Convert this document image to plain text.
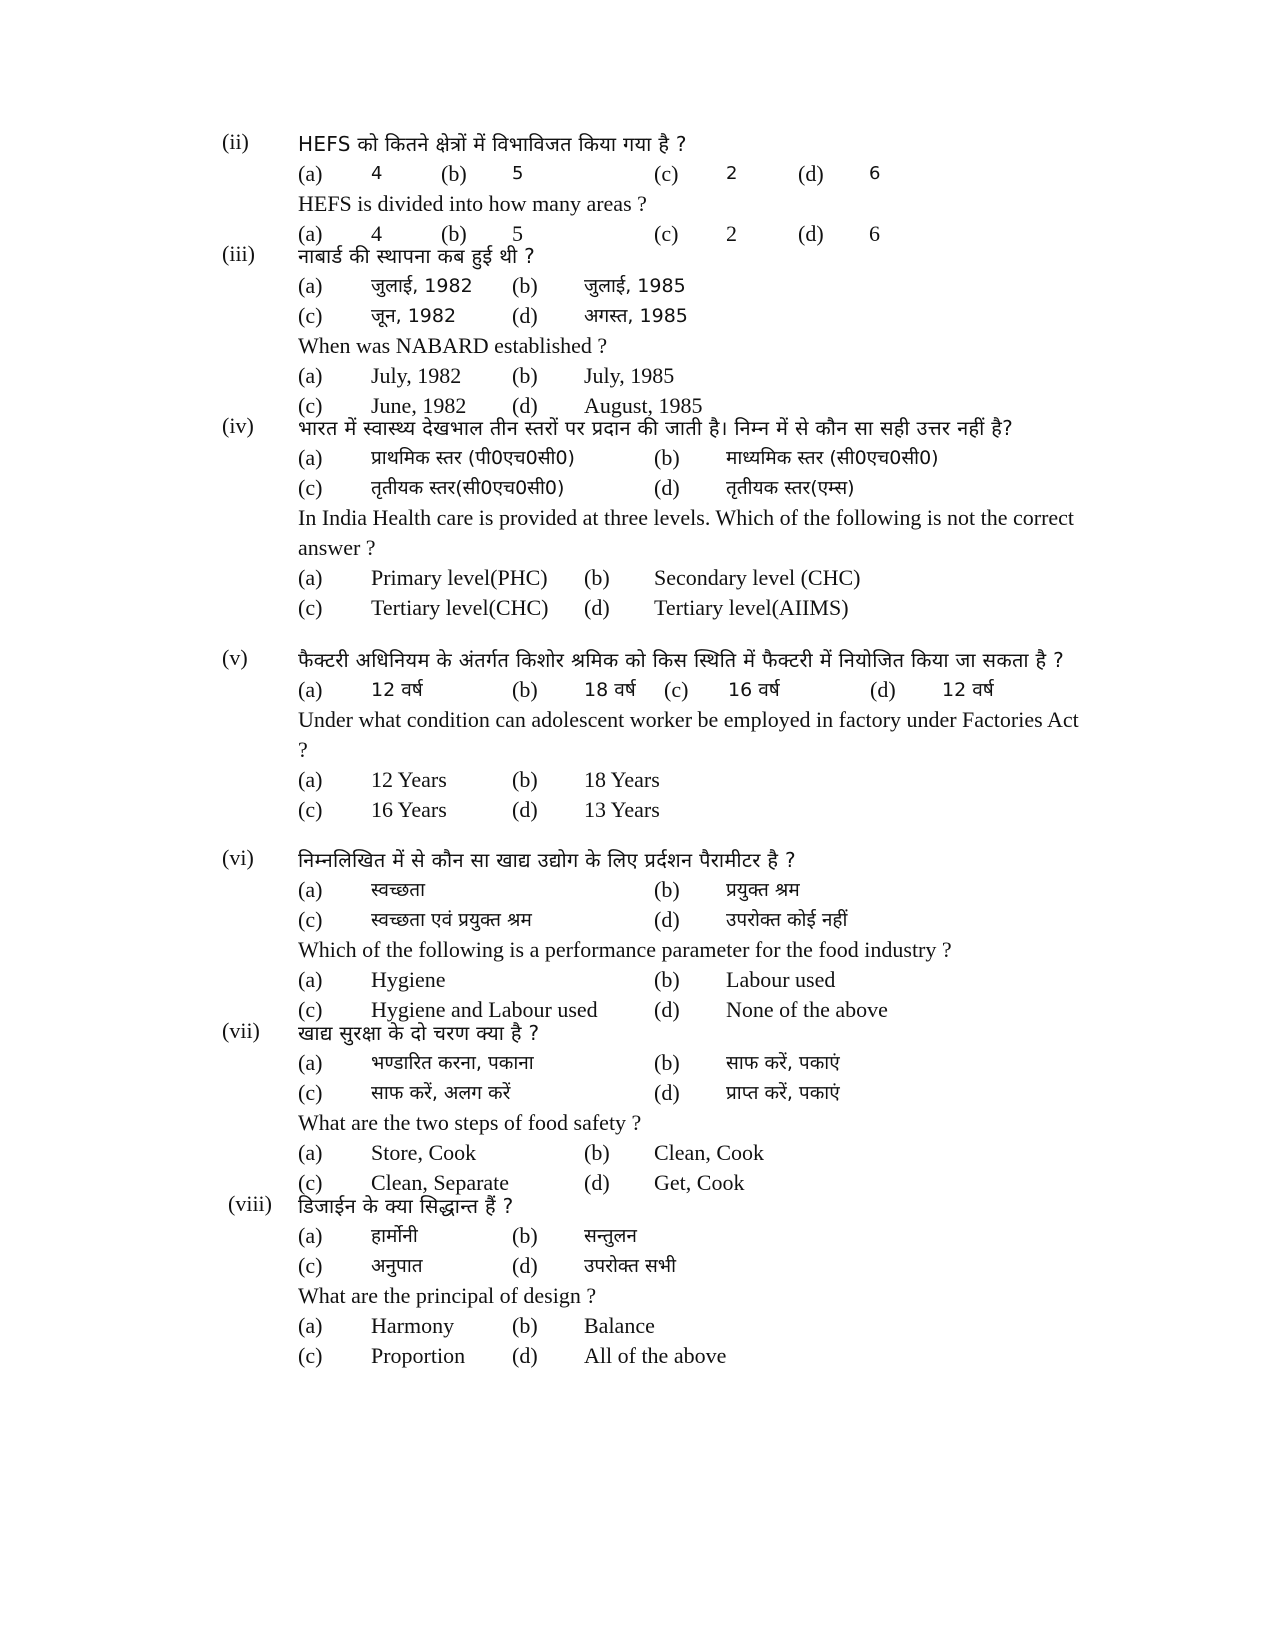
(ii) HEFS को कितने क्षेत्रों में विभाविजत किया गया है ?
(a)	4	(b)	5	(c)	2	(d)	6
HEFS is divided into how many areas ?
(a) 4	(b) 5	(c) 2	(d) 6
(iii) नाबार्ड की स्थापना कब हुई थी ?
(a)	जुलाई, 1982 (b) जुलाई, 1985
(c)	जून, 1982	(d) अगस्त, 1985
When was NABARD established ?
(a) July, 1982 (b) July, 1985
(c) June, 1982 (d) August, 1985
(iv) भारत में स्वास्थ्य देखभाल तीन स्तरों पर प्रदान की जाती है। निम्न में से कौन सा सही उत्तर नहीं है?
(a)	प्राथमिक स्तर (पी0एच0सी0)	(b) माध्यमिक स्तर (सी0एच0सी0)
(c)	तृतीयक स्तर(सी0एच0सी0)	(d) तृतीयक स्तर(एम्स)
In India Health care is provided at three levels. Which of the following is not the correct answer ?
(a) Primary level(PHC) (b) Secondary level (CHC)
(c) Tertiary level(CHC) (d) Tertiary level(AIIMS)
(v)	फैक्टरी अधिनियम के अंतर्गत किशोर श्रमिक को किस स्थिति में फैक्टरी में नियोजित किया जा सकता है ?
(a)	12 वर्ष	(b) 18 वर्ष (c) 16 वर्ष	(d) 12 वर्ष
Under what condition can adolescent worker be employed in factory under Factories Act ?
(a) 12 Years	(b) 18 Years
(c) 16 Years	(d) 13 Years
(vi) निम्नलिखित में से कौन सा खाद्य उद्योग के लिए प्रर्दशन पैरामीटर है ?
(a)	स्वच्छता	(b) प्रयुक्त श्रम
(c)	स्वच्छता एवं प्रयुक्त श्रम	(d) उपरोक्त कोई नहीं
Which of the following is a performance parameter for the food industry ?
(a) Hygiene	(b) Labour used
(c) Hygiene and Labour used	(d) None of the above
(vii) खाद्य सुरक्षा के दो चरण क्या है ?
(a)	भण्डारित करना, पकाना	(b) साफ करें, पकाएं
(c)	साफ करें, अलग करें	(d) प्राप्त करें, पकाएं
What are the two steps of food safety ?
(a) Store, Cook	(b) Clean, Cook
(c) Clean, Separate	(d) Get, Cook
(viii) डिजाईन के क्या सिद्धान्त हैं ?
(a)	हार्मोनी	(b) सन्तुलन
(c)	अनुपात	(d) उपरोक्त सभी
What are the principal of design ?
(a) Harmony	(b) Balance
(c) Proportion (d) All of the above
